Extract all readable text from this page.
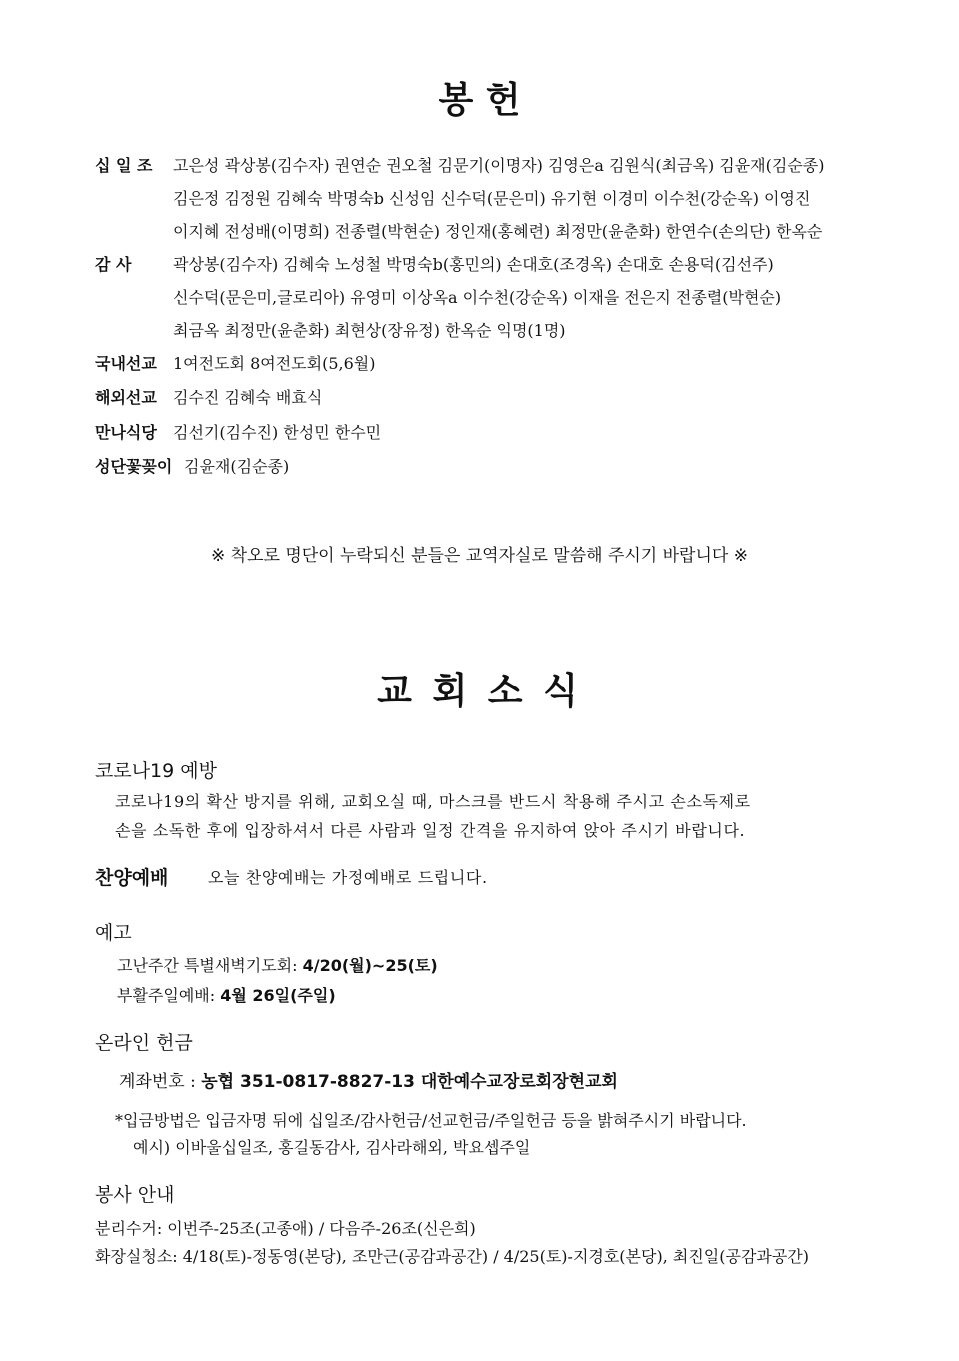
봉 헌
십 일 조 고은성 곽상봉(김수자) 권연순 권오철 김문기(이명자) 김영은a 김원식(최금옥) 김윤재(김순종)
김은정 김정원 김혜숙 박명숙b 신성임 신수덕(문은미) 유기현 이경미 이수천(강순옥) 이영진
이지혜 전성배(이명희) 전종렬(박현순) 정인재(홍혜련) 최정만(윤춘화) 한연수(손의단) 한옥순
감 사	곽상봉(김수자) 김혜숙 노성철 박명숙b(홍민의) 손대호(조경옥) 손대호 손용덕(김선주)
신수덕(문은미,글로리아) 유영미 이상옥a 이수천(강순옥) 이재을 전은지 전종렬(박현순)
최금옥 최정만(윤춘화) 최현상(장유정) 한옥순 익명(1명)
국내선교 1여전도회 8여전도회(5,6월)
해외선교 김수진 김혜숙 배효식
만나식당 김선기(김수진) 한성민 한수민
성단꽃꽂이 김윤재(김순종)
※ 착오로 명단이 누락되신 분들은 교역자실로 말씀해 주시기 바랍니다 ※
교 회 소 식
코로나19 예방
코로나19의 확산 방지를 위해, 교회오실 때, 마스크를 반드시 착용해 주시고 손소독제로
손을 소독한 후에 입장하셔서 다른 사람과 일정 간격을 유지하여 앉아 주시기 바랍니다.
찬양예배 오늘 찬양예배는 가정예배로 드립니다.
예고
고난주간 특별새벽기도회: 4/20(월)~25(토)
부활주일예배: 4월 26일(주일)
온라인 헌금
계좌번호 : 농협 351-0817-8827-13 대한예수교장로회장현교회
*입금방법은 입금자명 뒤에 십일조/감사헌금/선교헌금/주일헌금 등을 밝혀주시기 바랍니다.
예시) 이바울십일조, 홍길동감사, 김사라해외, 박요셉주일
봉사 안내
분리수거: 이번주-25조(고종애) / 다음주-26조(신은희)
화장실청소: 4/18(토)-정동영(본당), 조만근(공감과공간) / 4/25(토)-지경호(본당), 최진일(공감과공간)
